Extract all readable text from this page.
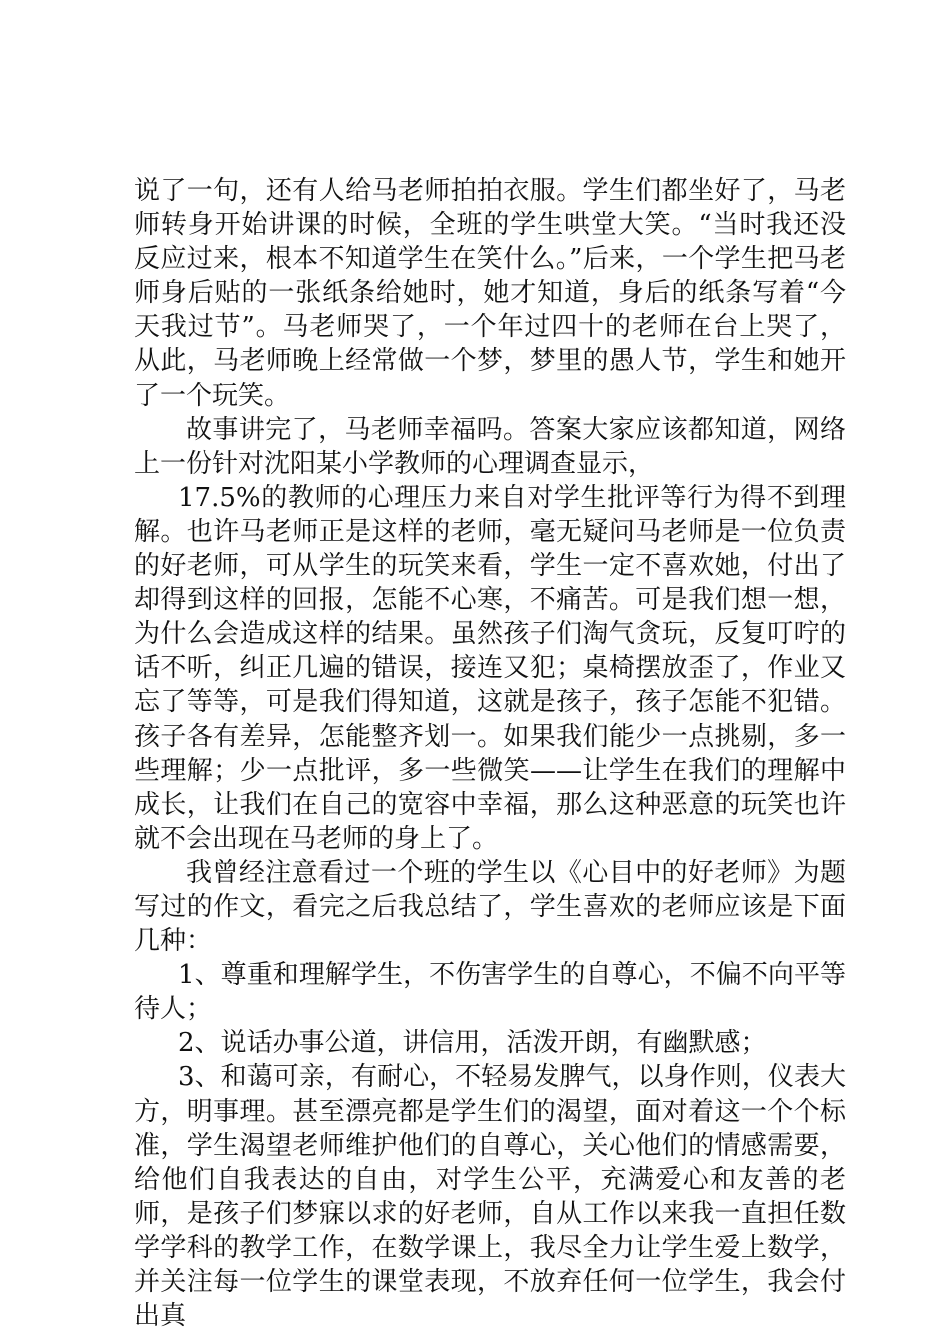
说了一句，还有人给马老师拍拍衣服。学生们都坐好了，马老师转身开始讲课的时候，全班的学生哄堂大笑。“当时我还没反应过来，根本不知道学生在笑什么。”后来，一个学生把马老师身后贴的一张纸条给她时，她才知道，身后的纸条写着“今天我过节”。马老师哭了，一个年过四十的老师在台上哭了，从此，马老师晚上经常做一个梦，梦里的愚人节，学生和她开了一个玩笑。

故事讲完了，马老师幸福吗。答案大家应该都知道，网络上一份针对沈阳某小学教师的心理调查显示，

17.5%的教师的心理压力来自对学生批评等行为得不到理解。也许马老师正是这样的老师，毫无疑问马老师是一位负责的好老师，可从学生的玩笑来看，学生一定不喜欢她，付出了却得到这样的回报，怎能不心寒，不痛苦。可是我们想一想，为什么会造成这样的结果。虽然孩子们淘气贪玩，反复叮咛的话不听，纠正几遍的错误，接连又犯；桌椅摆放歪了，作业又忘了等等，可是我们得知道，这就是孩子，孩子怎能不犯错。孩子各有差异，怎能整齐划一。如果我们能少一点挑剔，多一些理解；少一点批评，多一些微笑——让学生在我们的理解中成长，让我们在自己的宽容中幸福，那么这种恶意的玩笑也许就不会出现在马老师的身上了。

我曾经注意看过一个班的学生以《心目中的好老师》为题写过的作文，看完之后我总结了，学生喜欢的老师应该是下面几种：

1、尊重和理解学生，不伤害学生的自尊心，不偏不向平等待人；

2、说话办事公道，讲信用，活泼开朗，有幽默感；

3、和蔼可亲，有耐心，不轻易发脾气，以身作则，仪表大方，明事理。甚至漂亮都是学生们的渴望，面对着这一个个标准，学生渴望老师维护他们的自尊心，关心他们的情感需要，给他们自我表达的自由，对学生公平，充满爱心和友善的老师，是孩子们梦寐以求的好老师，自从工作以来我一直担任数学学科的教学工作，在数学课上，我尽全力让学生爱上数学，并关注每一位学生的课堂表现，不放弃任何一位学生，我会付出真
